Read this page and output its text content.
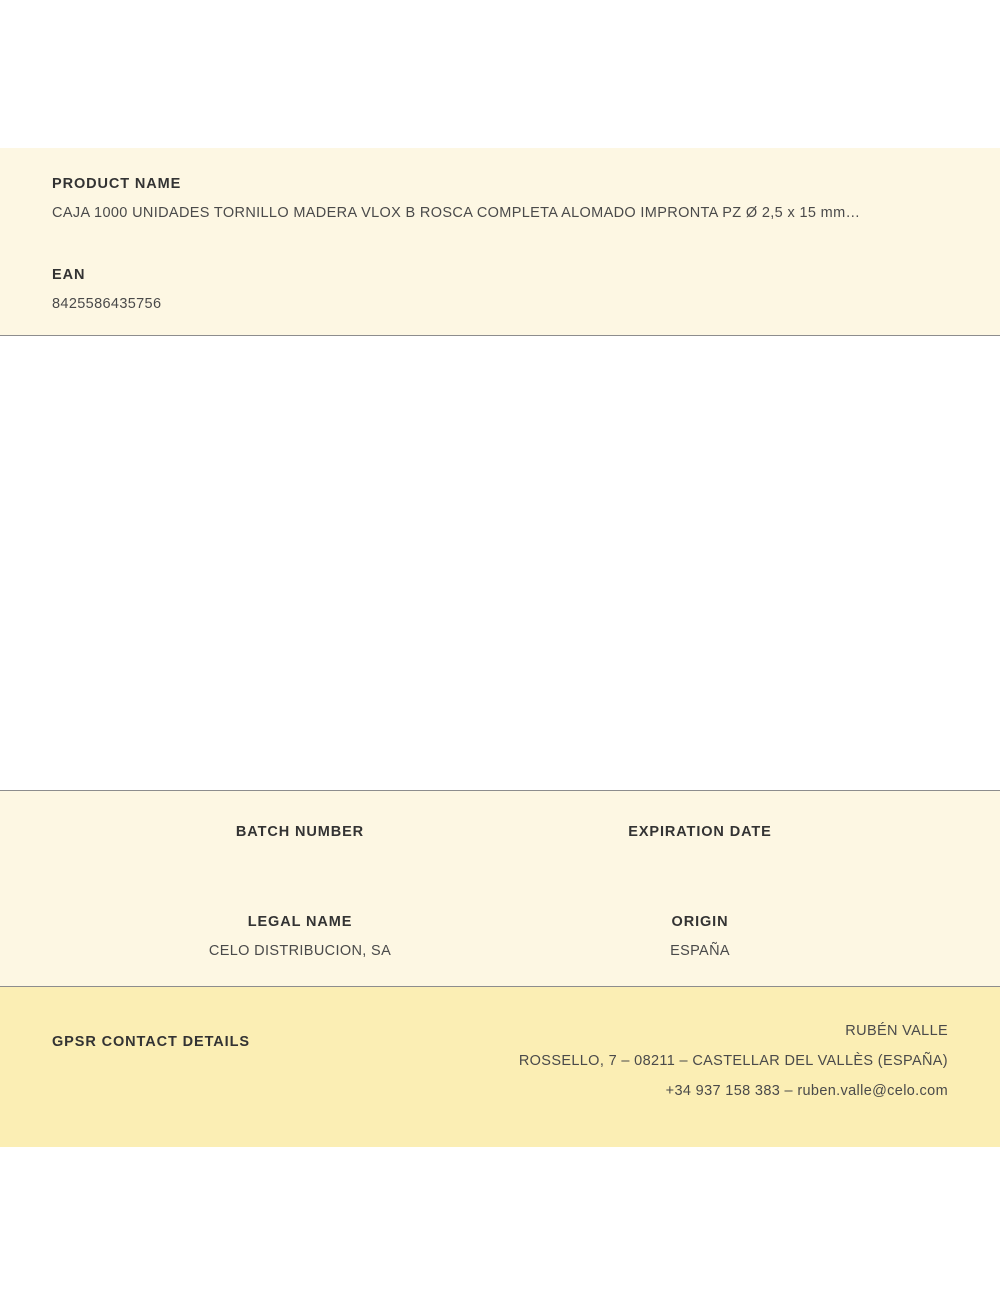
PRODUCT NAME
CAJA 1000 UNIDADES TORNILLO MADERA VLOX B ROSCA COMPLETA ALOMADO IMPRONTA PZ Ø 2,5 x 15 mm…
EAN
8425586435756
BATCH NUMBER	EXPIRATION DATE
LEGAL NAME
CELO DISTRIBUCION, SA
ORIGIN
ESPAÑA
GPSR CONTACT DETAILS
RUBÉN VALLE
ROSSELLO, 7 – 08211 – CASTELLAR DEL VALLÈS (ESPAÑA)
+34 937 158 383 – ruben.valle@celo.com
